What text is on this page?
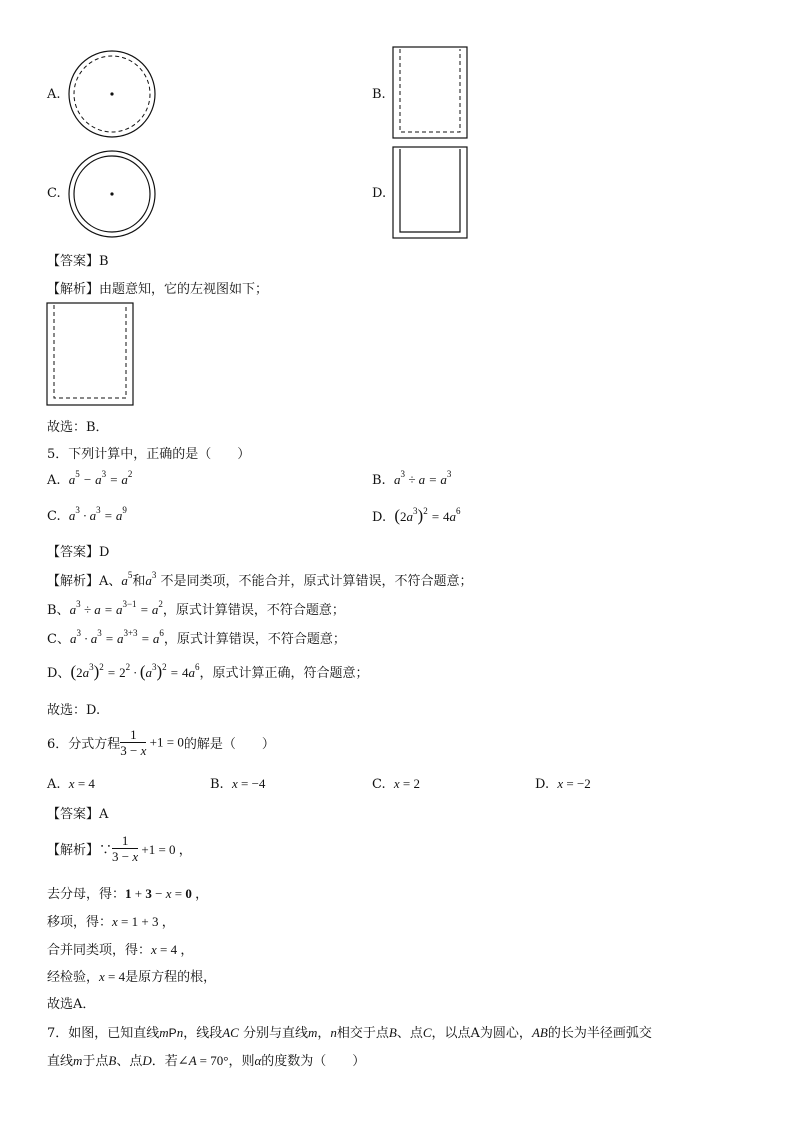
A.	B.
C.	D.
【答案】B
【解析】由题意知，它的左视图如下；
故选：B．
5．下列计算中，正确的是（　　）
A. $a^5 - a^3 = a^2$	B. $a^3 \div a = a^3$
C. $a^3 \cdot a^3 = a^9$	D. $(2a^3)^2 = 4a^6$
【答案】D
【解析】A、$a^5$和$a^3$ 不是同类项，不能合并，原式计算错误，不符合题意；
B、$a^3 \div a = a^{3-1} = a^2$，原式计算错误，不符合题意；
C、$a^3 \cdot a^3 = a^{3+3} = a^6$，原式计算错误，不符合题意；
D、$(2a^3)^2 = 2^2 \cdot (a^3)^2 = 4a^6$，原式计算正确，符合题意；
故选：D.
6．分式方程 $\frac{1}{3 - x} +1 = 0$的解是（　　）
A. x = 4	B. x = −4	C. x = 2	D. x = −2
【答案】A
【解析】∵ $\frac{1}{3 - x} +1 = 0$ ，
去分母，得：1 + 3 − x = 0 ，
移项，得：x = 1 + 3 ，
合并同类项，得：x = 4 ，
经检验，x = 4是原方程的根，
故选A．
7．如图，已知直线mPn，线段AC 分别与直线m，n相交于点B、点C，以点A为圆心，AB的长为半径画弧交
直线m于点B、点D．若∠A = 70°，则α的度数为（　　）
